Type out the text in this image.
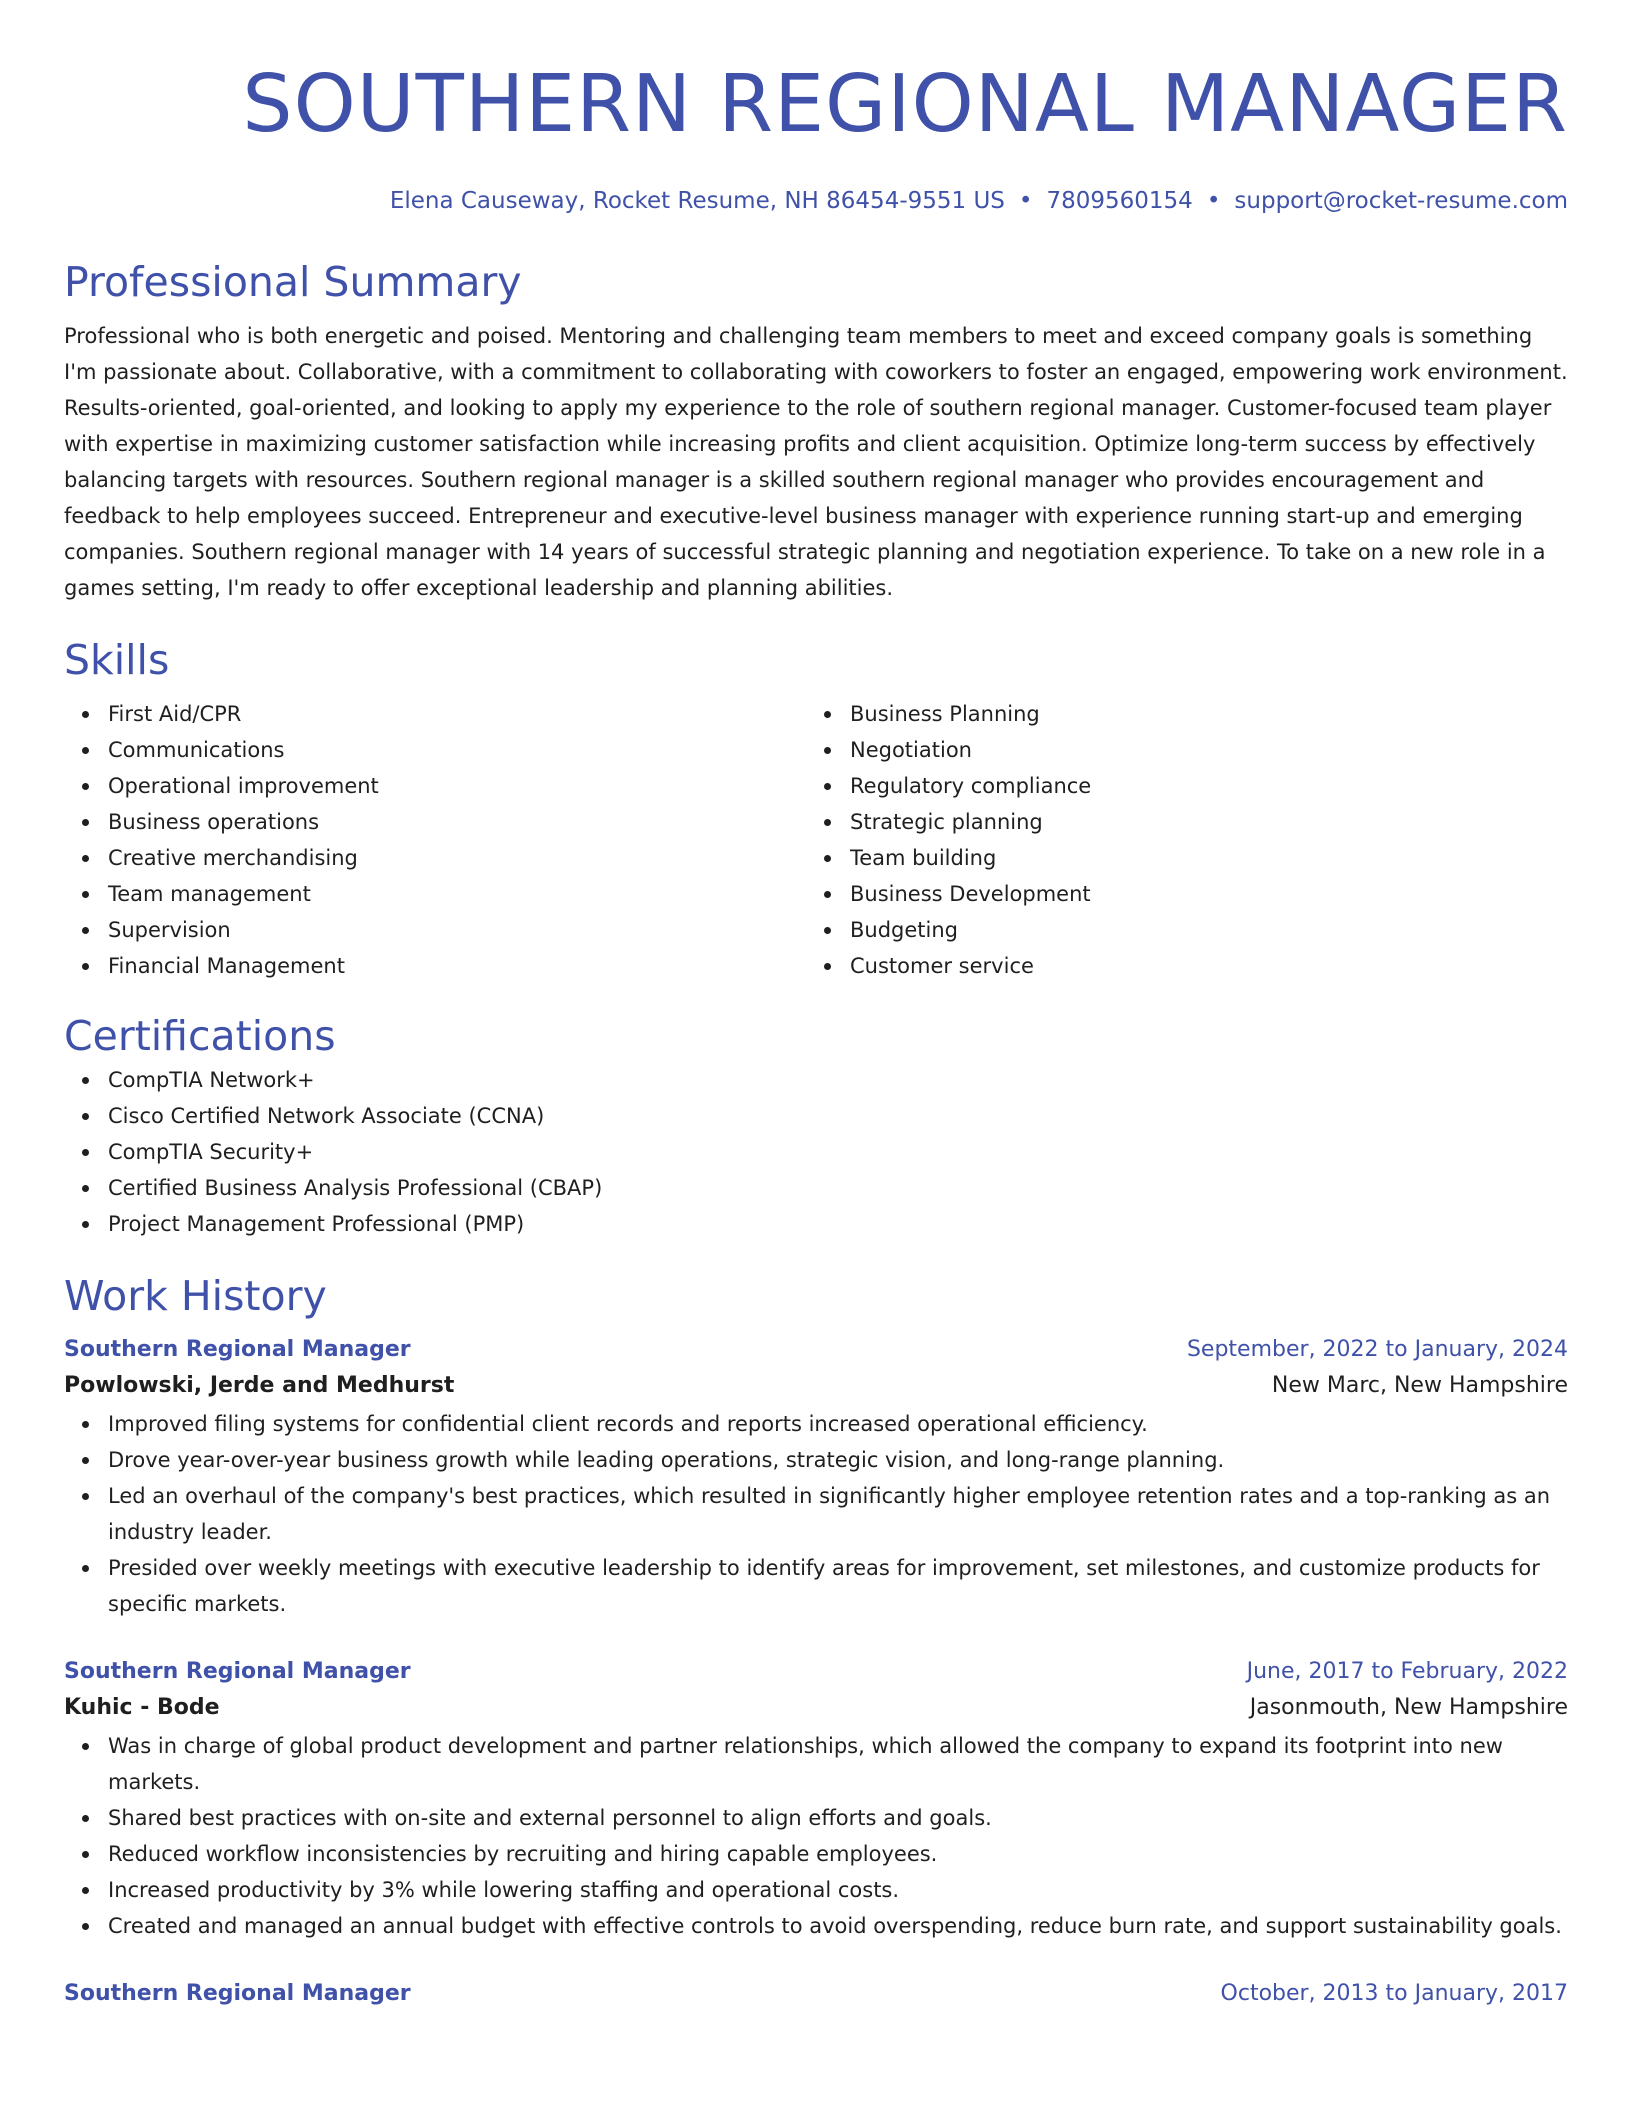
SOUTHERN REGIONAL MANAGER
Elena Causeway, Rocket Resume, NH 86454-9551 US • 7809560154 • support@rocket-resume.com
Professional Summary
Professional who is both energetic and poised. Mentoring and challenging team members to meet and exceed company goals is something I'm passionate about. Collaborative, with a commitment to collaborating with coworkers to foster an engaged, empowering work environment. Results-oriented, goal-oriented, and looking to apply my experience to the role of southern regional manager. Customer-focused team player with expertise in maximizing customer satisfaction while increasing profits and client acquisition. Optimize long-term success by effectively balancing targets with resources. Southern regional manager is a skilled southern regional manager who provides encouragement and feedback to help employees succeed. Entrepreneur and executive-level business manager with experience running start-up and emerging companies. Southern regional manager with 14 years of successful strategic planning and negotiation experience. To take on a new role in a games setting, I'm ready to offer exceptional leadership and planning abilities.
Skills
First Aid/CPR
Communications
Operational improvement
Business operations
Creative merchandising
Team management
Supervision
Financial Management
Business Planning
Negotiation
Regulatory compliance
Strategic planning
Team building
Business Development
Budgeting
Customer service
Certifications
CompTIA Network+
Cisco Certified Network Associate (CCNA)
CompTIA Security+
Certified Business Analysis Professional (CBAP)
Project Management Professional (PMP)
Work History
Southern Regional Manager	September, 2022 to January, 2024
Powlowski, Jerde and Medhurst	New Marc, New Hampshire
Improved filing systems for confidential client records and reports increased operational efficiency.
Drove year-over-year business growth while leading operations, strategic vision, and long-range planning.
Led an overhaul of the company's best practices, which resulted in significantly higher employee retention rates and a top-ranking as an industry leader.
Presided over weekly meetings with executive leadership to identify areas for improvement, set milestones, and customize products for specific markets.
Southern Regional Manager	June, 2017 to February, 2022
Kuhic - Bode	Jasonmouth, New Hampshire
Was in charge of global product development and partner relationships, which allowed the company to expand its footprint into new markets.
Shared best practices with on-site and external personnel to align efforts and goals.
Reduced workflow inconsistencies by recruiting and hiring capable employees.
Increased productivity by 3% while lowering staffing and operational costs.
Created and managed an annual budget with effective controls to avoid overspending, reduce burn rate, and support sustainability goals.
Southern Regional Manager	October, 2013 to January, 2017
